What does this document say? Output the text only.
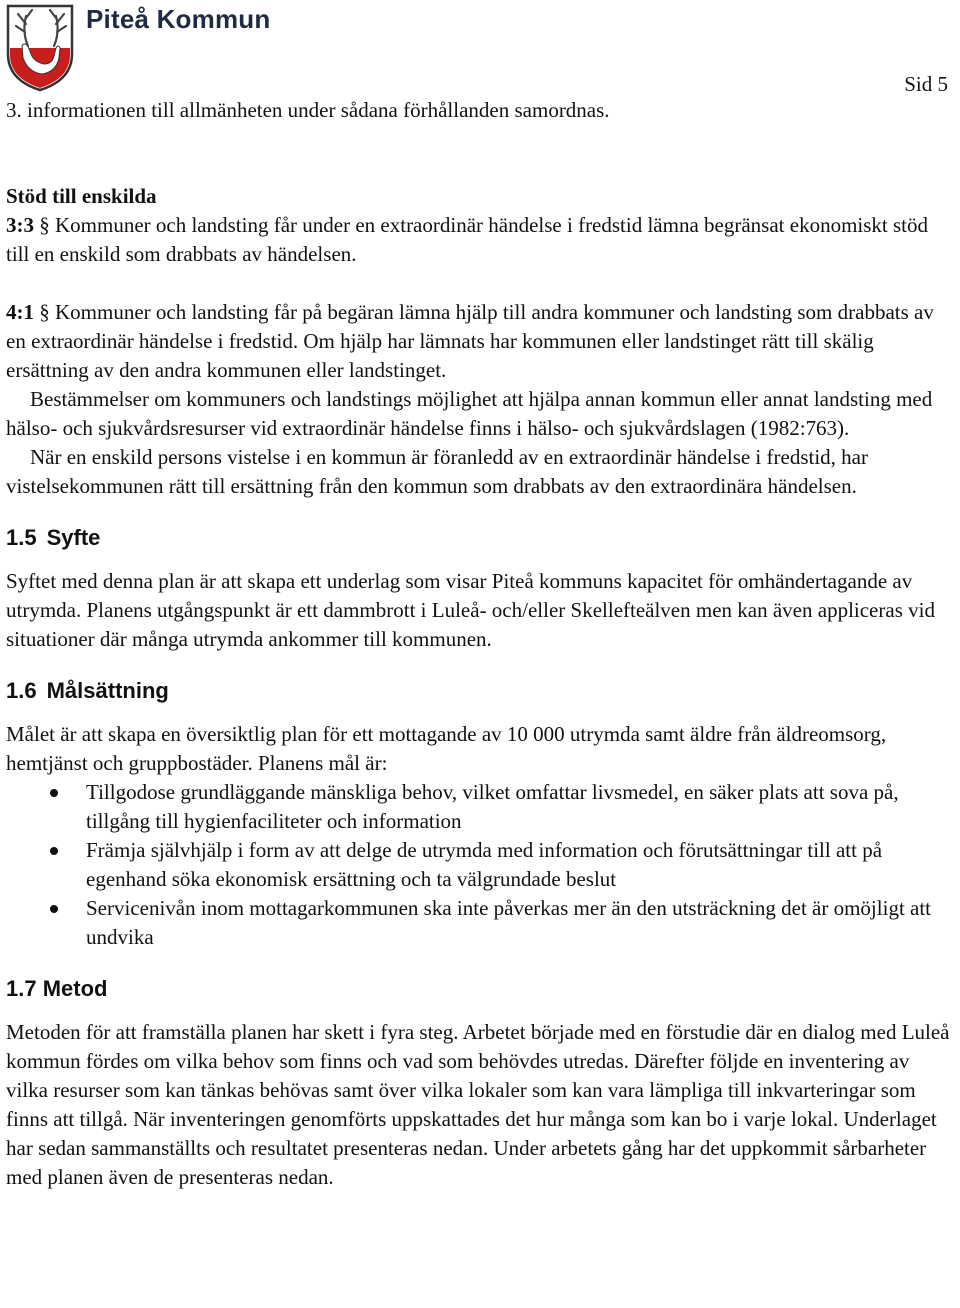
Piteå Kommun
Sid 5

3. informationen till allmänheten under sådana förhållanden samordnas.

Stöd till enskilda

3:3 § Kommuner och landsting får under en extraordinär händelse i fredstid lämna begränsat ekonomiskt stöd till en enskild som drabbats av händelsen.

4:1 § Kommuner och landsting får på begäran lämna hjälp till andra kommuner och landsting som drabbats av en extraordinär händelse i fredstid. Om hjälp har lämnats har kommunen eller landstinget rätt till skälig ersättning av den andra kommunen eller landstinget.

Bestämmelser om kommuners och landstings möjlighet att hjälpa annan kommun eller annat landsting med hälso- och sjukvårdsresurser vid extraordinär händelse finns i hälso- och sjukvårdslagen (1982:763).

När en enskild persons vistelse i en kommun är föranledd av en extraordinär händelse i fredstid, har vistelsekommunen rätt till ersättning från den kommun som drabbats av den extraordinära händelsen.

1.5 Syfte

Syftet med denna plan är att skapa ett underlag som visar Piteå kommuns kapacitet för omhändertagande av utrymda. Planens utgångspunkt är ett dammbrott i Luleå- och/eller Skellefteälven men kan även appliceras vid situationer där många utrymda ankommer till kommunen.

1.6 Målsättning

Målet är att skapa en översiktlig plan för ett mottagande av 10 000 utrymda samt äldre från äldreomsorg, hemtjänst och gruppbostäder. Planens mål är:

Tillgodose grundläggande mänskliga behov, vilket omfattar livsmedel, en säker plats att sova på, tillgång till hygienfaciliteter och information
Främja självhjälp i form av att delge de utrymda med information och förutsättningar till att på egenhand söka ekonomisk ersättning och ta välgrundade beslut
Servicenivån inom mottagarkommunen ska inte påverkas mer än den utsträckning det är omöjligt att undvika
1.7 Metod

Metoden för att framställa planen har skett i fyra steg. Arbetet började med en förstudie där en dialog med Luleå kommun fördes om vilka behov som finns och vad som behövdes utredas. Därefter följde en inventering av vilka resurser som kan tänkas behövas samt över vilka lokaler som kan vara lämpliga till inkvarteringar som finns att tillgå. När inventeringen genomförts uppskattades det hur många som kan bo i varje lokal. Underlaget har sedan sammanställts och resultatet presenteras nedan. Under arbetets gång har det uppkommit sårbarheter med planen även de presenteras nedan.
